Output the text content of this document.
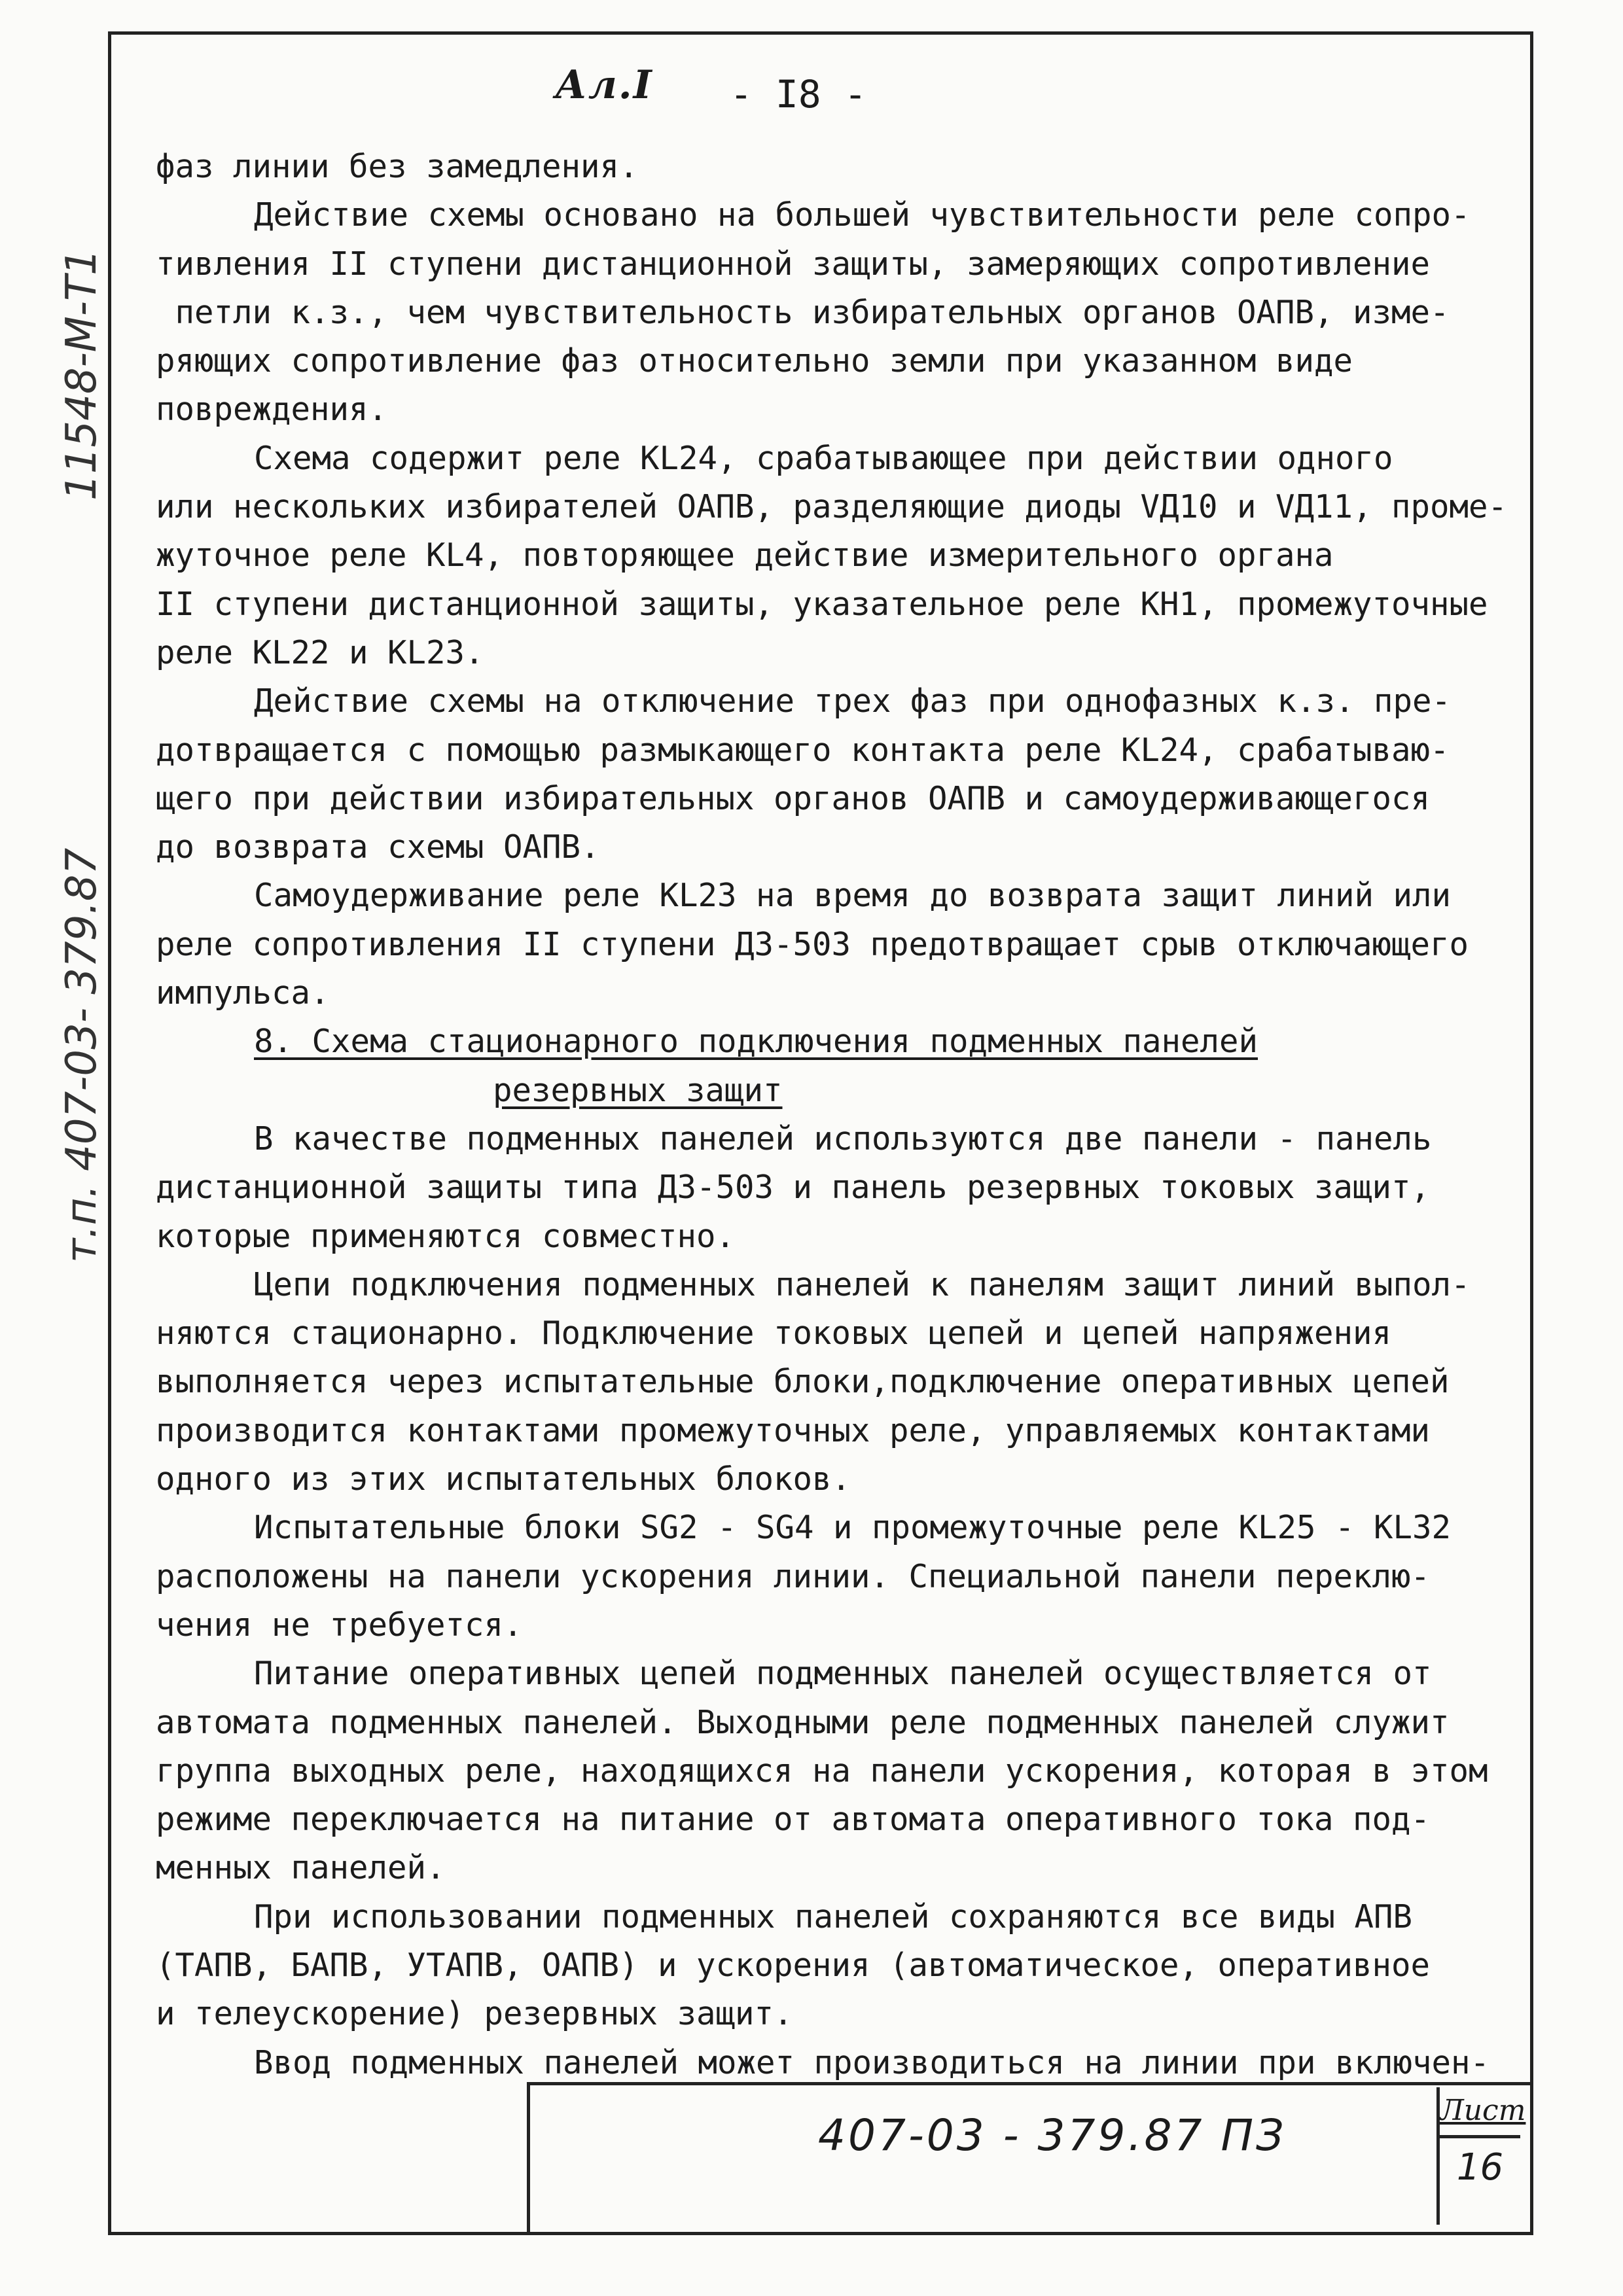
Ал.I - I8 -
11548-М-Т1
т.п. 407-03- 379.87
фаз линии без замедления.
Действие схемы основано на большей чувствительности реле сопро-
тивления II ступени дистанционной защиты, замеряющих сопротивление
петли к.з., чем чувствительность избирательных органов ОАПВ, изме-
ряющих сопротивление фаз относительно земли при указанном виде
повреждения.
Схема содержит реле KL24, срабатывающее при действии одного
или нескольких избирателей ОАПВ, разделяющие диоды VД10 и VД11, проме-
жуточное реле KL4, повторяющее действие измерительного органа
II ступени дистанционной защиты, указательное реле KH1, промежуточные
реле KL22 и KL23.
Действие схемы на отключение трех фаз при однофазных к.з. пре-
дотвращается с помощью размыкающего контакта реле KL24, срабатываю-
щего при действии избирательных органов ОАПВ и самоудерживающегося
до возврата схемы ОАПВ.
Самоудерживание реле KL23 на время до возврата защит линий или
реле сопротивления II ступени ДЗ-503 предотвращает срыв отключающего
импульса.
8. Схема стационарного подключения подменных панелей
резервных защит
В качестве подменных панелей используются две панели - панель
дистанционной защиты типа ДЗ-503 и панель резервных токовых защит,
которые применяются совместно.
Цепи подключения подменных панелей к панелям защит линий выпол-
няются стационарно. Подключение токовых цепей и цепей напряжения
выполняется через испытательные блоки,подключение оперативных цепей
производится контактами промежуточных реле, управляемых контактами
одного из этих испытательных блоков.
Испытательные блоки SG2 - SG4 и промежуточные реле KL25 - KL32
расположены на панели ускорения линии. Специальной панели переклю-
чения не требуется.
Питание оперативных цепей подменных панелей осуществляется от
автомата подменных панелей. Выходными реле подменных панелей служит
группа выходных реле, находящихся на панели ускорения, которая в этом
режиме переключается на питание от автомата оперативного тока под-
менных панелей.
При использовании подменных панелей сохраняются все виды АПВ
(ТАПВ, БАПВ, УТАПВ, ОАПВ) и ускорения (автоматическое, оперативное
и телеускорение) резервных защит.
Ввод подменных панелей может производиться на линии при включен-
407-03 - 379.87 ПЗ	Лист
16
